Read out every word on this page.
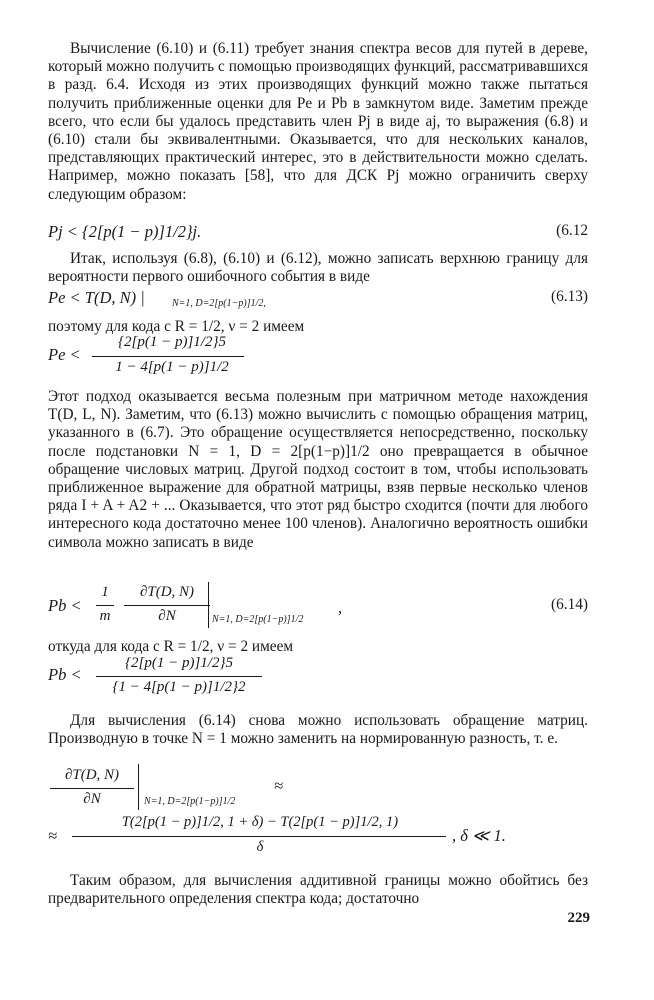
Вычисление (6.10) и (6.11) требует знания спектра весов для путей в дереве, который можно получить с помощью производящих функций, рассматривавшихся в разд. 6.4. Исходя из этих производящих функций можно также пытаться получить приближенные оценки для Pe и Pb в замкнутом виде. Заметим прежде всего, что если бы удалось представить член Pj в виде aj, то выражения (6.8) и (6.10) стали бы эквивалентными. Оказывается, что для нескольких каналов, представляющих практический интерес, это в действительности можно сделать. Например, можно показать [58], что для ДСК Pj можно ограничить сверху следующим образом:
Pj < {2[p(1 − p)]1/2}j.	(6.12
Итак, используя (6.8), (6.10) и (6.12), можно записать верхнюю границу для вероятности первого ошибочного события в виде
Pe < T(D, N) |	N=1, D=2[p(1−p)]1/2,	(6.13)
поэтому для кода с R = 1/2, ν = 2 имеем
Pe <
{2[p(1 − p)]1/2}5
1 − 4[p(1 − p)]1/2
Этот подход оказывается весьма полезным при матричном методе нахождения T(D, L, N). Заметим, что (6.13) можно вычислить с помощью обращения матриц, указанного в (6.7). Это обращение осуществляется непосредственно, поскольку после подстановки N = 1, D = 2[p(1−p)]1/2 оно превращается в обычное обращение числовых матриц. Другой подход состоит в том, чтобы использовать приближенное выражение для обратной матрицы, взяв первые несколько членов ряда I + A + A2 + ... Оказывается, что этот ряд быстро сходится (почти для любого интересного кода достаточно менее 100 членов). Аналогично вероятность ошибки символа можно записать в виде
Pb <
1
m
∂T(D, N)
∂N	N=1, D=2[p(1−p)]1/2
,	(6.14)
откуда для кода с R = 1/2, ν = 2 имеем
Pb <
{2[p(1 − p)]1/2}5
{1 − 4[p(1 − p)]1/2}2
Для вычисления (6.14) снова можно использовать обращение матриц. Производную в точке N = 1 можно заменить на нормированную разность, т. е.
∂T(D, N)
∂N	N=1, D=2[p(1−p)]1/2
≈
≈
T(2[p(1 − p)]1/2, 1 + δ) − T(2[p(1 − p)]1/2, 1)
δ
, δ ≪ 1.
Таким образом, для вычисления аддитивной границы можно обойтись без предварительного определения спектра кода; достаточно
229
